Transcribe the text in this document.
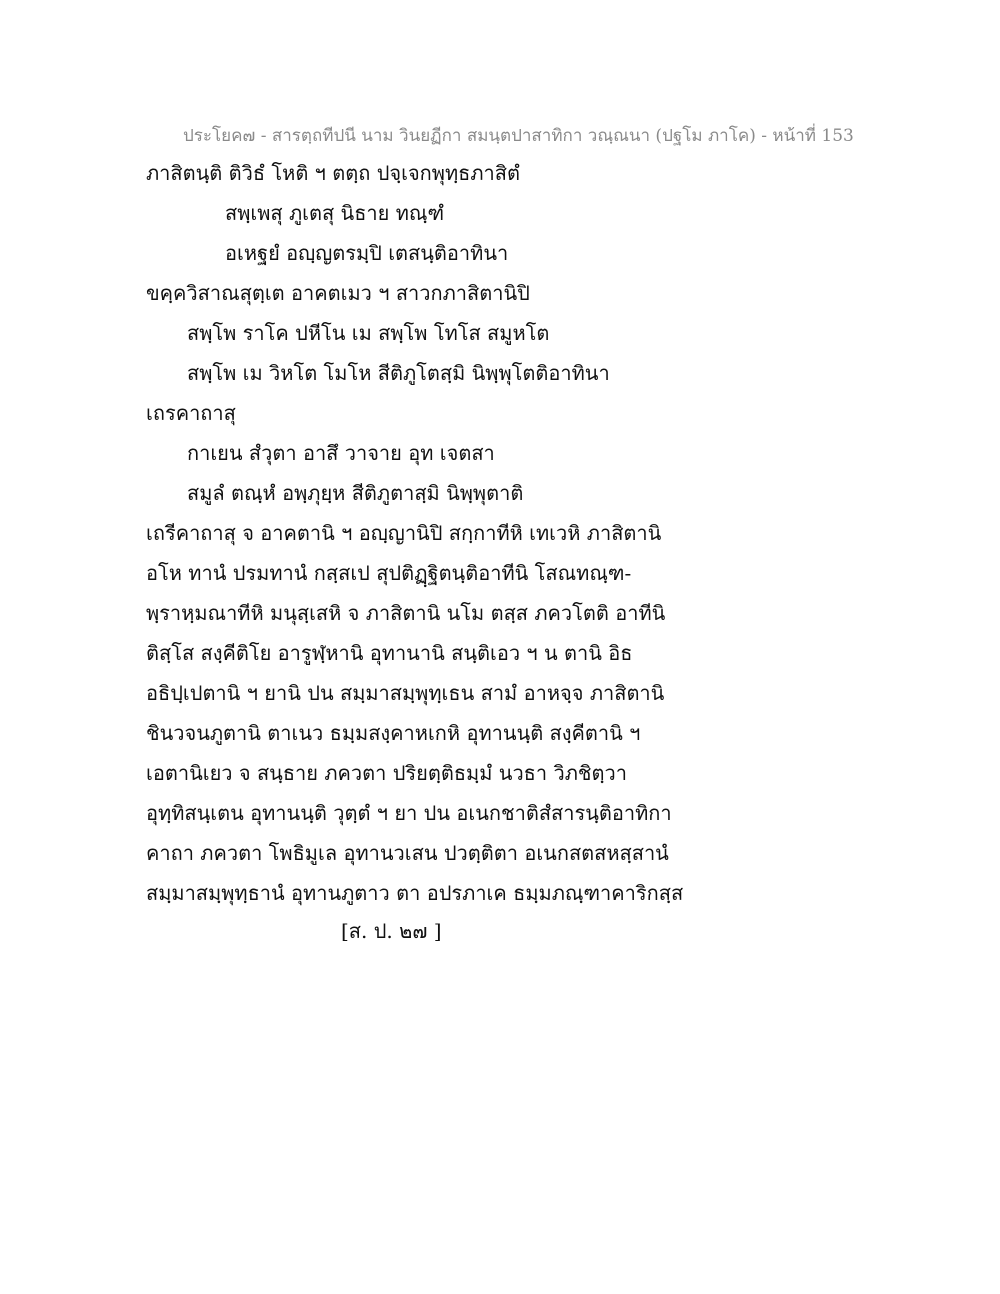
ประโยค๗ - สารตฺถทีปนี นาม วินยฏีกา สมนฺตปาสาทิกา วณฺณนา (ปฐโม ภาโค) - หน้าที่ 153
ภาสิตนฺติ ติวิธํ โหติ ฯ ตตฺถ ปจฺเจกพุทฺธภาสิตํ
สพฺเพสุ ภูเตสุ นิธาย ทณฺฑํ
อเหฐยํ อญฺญตรมฺปิ เตสนฺติอาทินา
ขคฺควิสาณสุตฺเต อาคตเมว ฯ สาวกภาสิตานิปิ
สพฺโพ ราโค ปหีโน เม สพฺโพ โทโส สมูหโต
สพฺโพ เม วิหโต โมโห สีติภูโตสฺมิ นิพฺพุโตติอาทินา
เถรคาถาสุ
กาเยน สํวุตา อาสึ วาจาย อุท เจตสา
สมูลํ ตณฺหํ อพฺภุยฺห สีติภูตาสฺมิ นิพฺพุตาติ
เถรีคาถาสุ จ อาคตานิ ฯ อญฺญานิปิ สกฺกาทีหิ เทเวหิ ภาสิตานิ
อโห ทานํ ปรมทานํ กสฺสเป สุปติฏฺฐิตนฺติอาทีนิ โสณทณฺฑ-
พฺราหฺมณาทีหิ มนุสฺเสหิ จ ภาสิตานิ นโม ตสฺส ภควโตติ อาทีนิ
ติสฺโส สงฺคีติโย อารูฬฺหานิ อุทานานิ สนฺติเอว ฯ น ตานิ อิธ
อธิปฺเปตานิ ฯ ยานิ ปน สมฺมาสมฺพุทฺเธน สามํ อาหจฺจ ภาสิตานิ
ชินวจนภูตานิ ตาเนว ธมฺมสงฺคาหเกหิ อุทานนฺติ สงฺคีตานิ ฯ
เอตานิเยว จ สนฺธาย ภควตา ปริยตฺติธมฺมํ นวธา วิภชิตฺวา
อุทฺทิสนฺเตน อุทานนฺติ วุตฺตํ ฯ ยา ปน อเนกชาติสํสารนฺติอาทิกา
คาถา ภควตา โพธิมูเล อุทานวเสน ปวตฺติตา อเนกสตสหสฺสานํ
สมฺมาสมฺพุทฺธานํ อุทานภูตาว ตา อปรภาเค ธมฺมภณฺฑาคาริกสฺส
[ส. ป. ๒๗ ]
